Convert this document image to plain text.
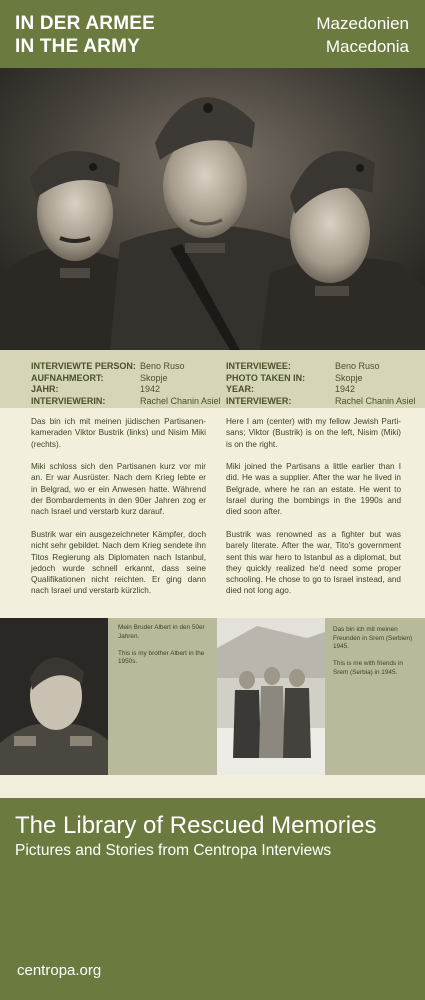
IN DER ARMEE
IN THE ARMY
Mazedonien
Macedonia
INTERVIEWTE PERSON: Beno Ruso
AUFNAHMEORT:	Skopje
JAHR:	1942
INTERVIEWERIN:	Rachel Chanin Asiel
INTERVIEWEE:	Beno Ruso
PHOTO TAKEN IN:	Skopje
YEAR:	1942
INTERVIEWER:	Rachel Chanin Asiel

Das bin ich mit meinen jüdischen Partisanen-kameraden Viktor Bustrik (links) und Nisim Miki (rechts).

Miki schloss sich den Partisanen kurz vor mir an. Er war Ausrüster. Nach dem Krieg lebte er in Belgrad, wo er ein Anwesen hatte. Während der Bombardements in den 90er Jahren zog er nach Israel und verstarb kurz darauf.

Bustrik war ein ausgezeichneter Kämpfer, doch nicht sehr gebildet. Nach dem Krieg sendete ihn Titos Regierung als Diplomaten nach Istanbul, jedoch wurde schnell erkannt, dass seine Qualifikationen nicht reichten. Er ging dann nach Israel und verstarb kürzlich.

Here I am (center) with my fellow Jewish Parti-sans; Viktor (Bustrik) is on the left, Nisim (Miki) is on the right.

Miki joined the Partisans a little earlier than I did. He was a supplier. After the war he lived in Belgrade, where he ran an estate. He went to Israel during the bombings in the 1990s and died soon after.

Bustrik was renowned as a fighter but was barely literate. After the war, Tito's government sent this war hero to Istanbul as a diplomat, but they quickly realized he'd need some proper schooling. He chose to go to Israel instead, and died not long ago.

Mein Bruder Albert in den 50er Jahren.

This is my brother Albert in the 1950s.

Das bin ich mit meinen Freunden in Srem (Serbien) 1945.

This is me with friends in Srem (Serbia) in 1945.

The Library of Rescued Memories
Pictures and Stories from Centropa Interviews
centropa.org
